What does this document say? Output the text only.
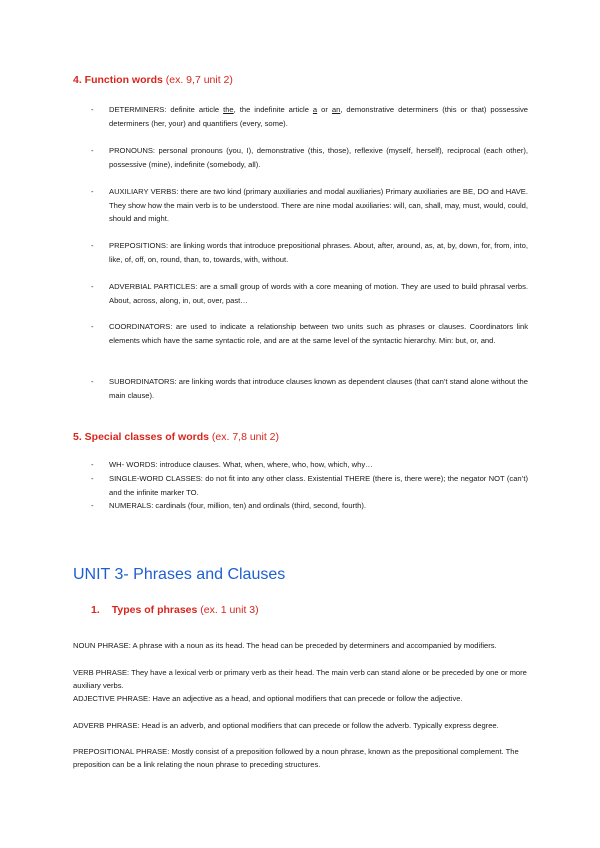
4. Function words (ex. 9,7 unit 2)
- DETERMINERS: definite article the, the indefinite article a or an, demonstrative determiners (this or that) possessive determiners (her, your) and quantifiers (every, some).
- PRONOUNS: personal pronouns (you, I), demonstrative (this, those), reflexive (myself, herself), reciprocal (each other), possessive (mine), indefinite (somebody, all).
- AUXILIARY VERBS: there are two kind (primary auxiliaries and modal auxiliaries) Primary auxiliaries are BE, DO and HAVE. They show how the main verb is to be understood. There are nine modal auxiliaries: will, can, shall, may, must, would, could, should and might.
- PREPOSITIONS: are linking words that introduce prepositional phrases. About, after, around, as, at, by, down, for, from, into, like, of, off, on, round, than, to, towards, with, without.
- ADVERBIAL PARTICLES: are a small group of words with a core meaning of motion. They are used to build phrasal verbs. About, across, along, in, out, over, past…
- COORDINATORS: are used to indicate a relationship between two units such as phrases or clauses. Coordinators link elements which have the same syntactic role, and are at the same level of the syntactic hierarchy. Min: but, or, and.
- SUBORDINATORS: are linking words that introduce clauses known as dependent clauses (that can’t stand alone without the main clause).
5. Special classes of words (ex. 7,8 unit 2)
- WH- WORDS: introduce clauses. What, when, where, who, how, which, why…
- SINGLE-WORD CLASSES: do not fit into any other class. Existential THERE (there is, there were); the negator NOT (can’t) and the infinite marker TO.
- NUMERALS: cardinals (four, million, ten) and ordinals (third, second, fourth).
UNIT 3- Phrases and Clauses
1. Types of phrases (ex. 1 unit 3)
NOUN PHRASE: A phrase with a noun as its head. The head can be preceded by determiners and accompanied by modifiers.
VERB PHRASE: They have a lexical verb or primary verb as their head. The main verb can stand alone or be preceded by one or more auxiliary verbs.
ADJECTIVE PHRASE: Have an adjective as a head, and optional modifiers that can precede or follow the adjective.
ADVERB PHRASE: Head is an adverb, and optional modifiers that can precede or follow the adverb. Typically express degree.
PREPOSITIONAL PHRASE: Mostly consist of a preposition followed by a noun phrase, known as the prepositional complement. The preposition can be a link relating the noun phrase to preceding structures.
